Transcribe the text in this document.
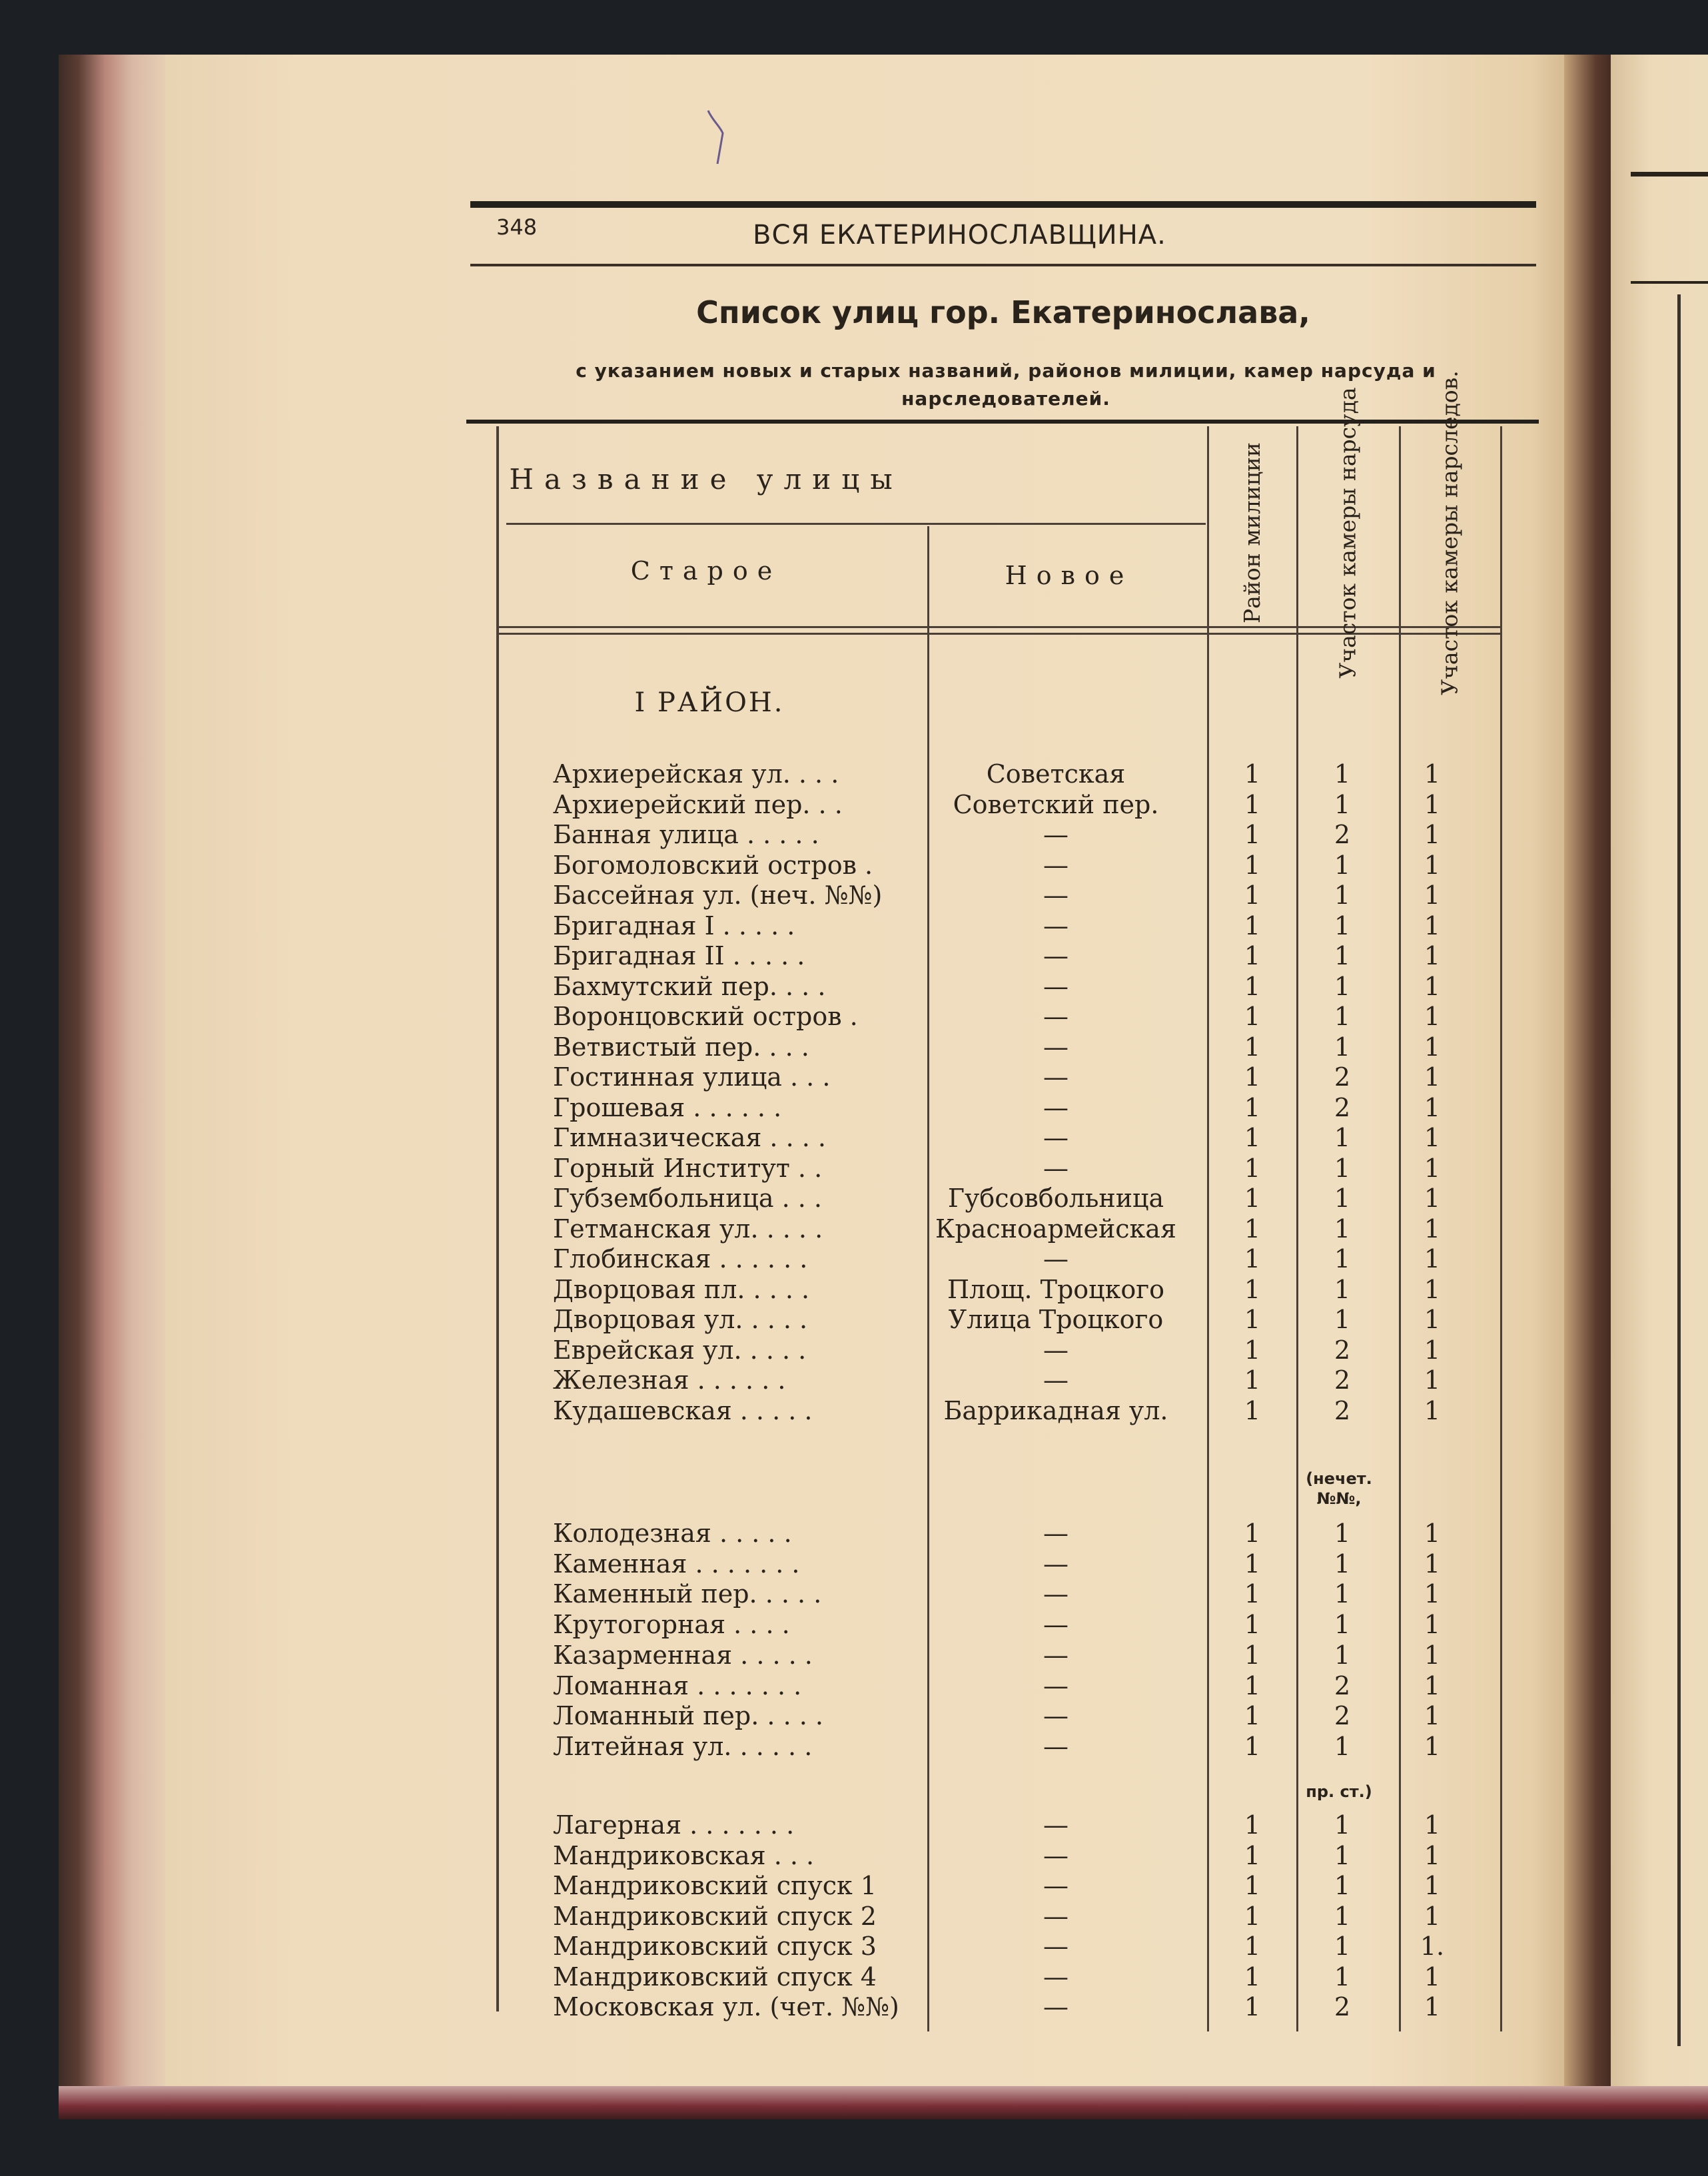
348	ВСЯ ЕКАТЕРИНОСЛАВЩИНА.
Список улиц гор. Екатеринослава,
с указанием новых и старых названий, районов милиции, камер нарсуда и нарследователей.
Название улицы
Старое	Новое	Район милиции	Участок камеры нарсуда	Участок камеры нарследов.
I РАЙОН.
Архиерейская ул. . . .	Советская	1	1	1
Архиерейский пер. . .	Советский пер.	1	1	1
Банная улица . . . . .	—	1	2	1
Богомоловский остров .	—	1	1	1
Бассейная ул. (неч. №№)	—	1	1	1
Бригадная I . . . . .	—	1	1	1
Бригадная II . . . . .	—	1	1	1
Бахмутский пер. . . .	—	1	1	1
Воронцовский остров .	—	1	1	1
Ветвистый пер. . . .	—	1	1	1
Гостинная улица . . .	—	1	2	1
Грошевая . . . . . .	—	1	2	1
Гимназическая . . . .	—	1	1	1
Горный Институт . .	—	1	1	1
Губзембольница . . .	Губсовбольница	1	1	1
Гетманская ул. . . . .	Красноармейская	1	1	1
Глобинская . . . . . .	—	1	1	1
Дворцовая пл. . . . .	Площ. Троцкого	1	1	1
Дворцовая ул. . . . .	Улица Троцкого	1	1	1
Еврейская ул. . . . .	—	1	2	1
Железная . . . . . .	—	1	2	1
Кудашевская . . . . .	Баррикадная ул.	1	2	1
Колодезная . . . . .	—	1	1	1
Каменная . . . . . . .	—	1	1	1
Каменный пер. . . . .	—	1	1	1
Крутогорная . . . .	—	1	1	1
Казарменная . . . . .	—	1	1	1
Ломанная . . . . . . .	—	1	2	1
Ломанный пер. . . . .	—	1	2	1
Литейная ул. . . . . .	—	1	1	1
Лагерная . . . . . . .	—	1	1	1
Мандриковская . . .	—	1	1	1
Мандриковский спуск 1	—	1	1	1
Мандриковский спуск 2	—	1	1	1
Мандриковский спуск 3	—	1	1	1.
Мандриковский спуск 4	—	1	1	1
Московская ул. (чет. №№)	—	1	2	1
(нечет. №№,
пр. ст.)
